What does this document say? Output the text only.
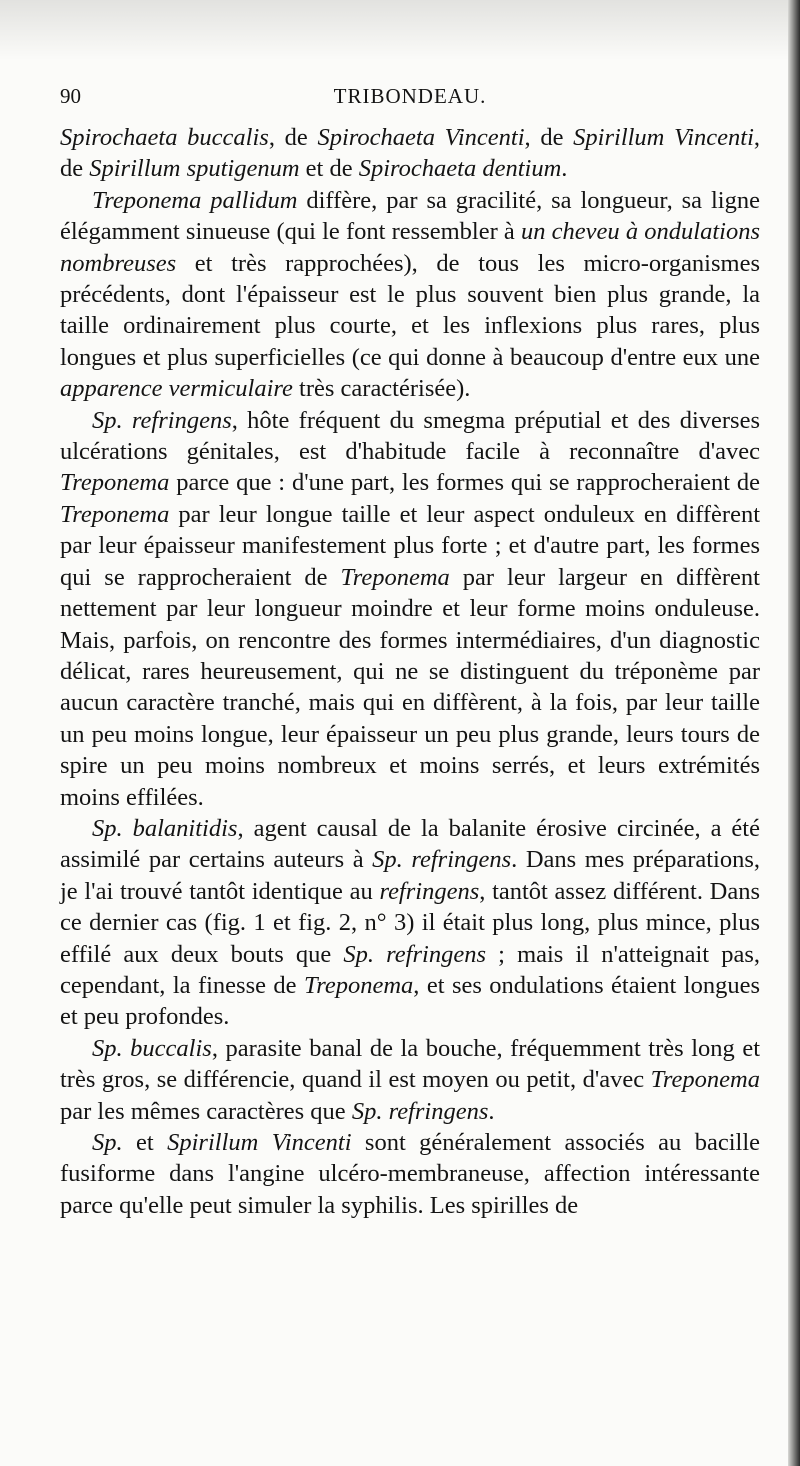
90	TRIBONDEAU.

Spirochaeta buccalis, de Spirochaeta Vincenti, de Spirillum Vincenti, de Spirillum sputigenum et de Spirochaeta dentium.

Treponema pallidum diffère, par sa gracilité, sa longueur, sa ligne élégamment sinueuse (qui le font ressembler à un cheveu à ondulations nombreuses et très rapprochées), de tous les micro-organismes précédents, dont l'épaisseur est le plus souvent bien plus grande, la taille ordinairement plus courte, et les inflexions plus rares, plus longues et plus superficielles (ce qui donne à beaucoup d'entre eux une apparence vermiculaire très caractérisée).

Sp. refringens, hôte fréquent du smegma préputial et des diverses ulcérations génitales, est d'habitude facile à reconnaître d'avec Treponema parce que : d'une part, les formes qui se rapprocheraient de Treponema par leur longue taille et leur aspect onduleux en diffèrent par leur épaisseur manifestement plus forte ; et d'autre part, les formes qui se rapprocheraient de Treponema par leur largeur en diffèrent nettement par leur longueur moindre et leur forme moins onduleuse. Mais, parfois, on rencontre des formes intermédiaires, d'un diagnostic délicat, rares heureusement, qui ne se distinguent du tréponème par aucun caractère tranché, mais qui en diffèrent, à la fois, par leur taille un peu moins longue, leur épaisseur un peu plus grande, leurs tours de spire un peu moins nombreux et moins serrés, et leurs extrémités moins effilées.

Sp. balanitidis, agent causal de la balanite érosive circinée, a été assimilé par certains auteurs à Sp. refringens. Dans mes préparations, je l'ai trouvé tantôt identique au refringens, tantôt assez différent. Dans ce dernier cas (fig. 1 et fig. 2, n° 3) il était plus long, plus mince, plus effilé aux deux bouts que Sp. refringens ; mais il n'atteignait pas, cependant, la finesse de Treponema, et ses ondulations étaient longues et peu profondes.

Sp. buccalis, parasite banal de la bouche, fréquemment très long et très gros, se différencie, quand il est moyen ou petit, d'avec Treponema par les mêmes caractères que Sp. refringens.

Sp. et Spirillum Vincenti sont généralement associés au bacille fusiforme dans l'angine ulcéro-membraneuse, affection intéressante parce qu'elle peut simuler la syphilis. Les spirilles de
